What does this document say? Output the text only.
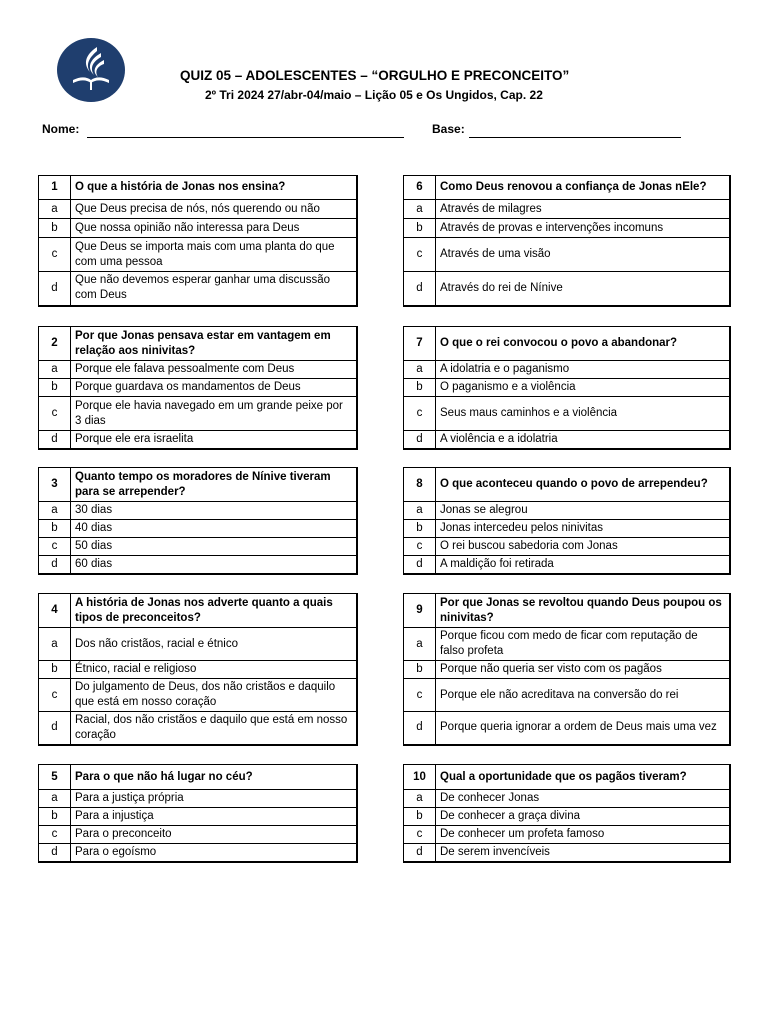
QUIZ 05 – ADOLESCENTES – “ORGULHO E PRECONCEITO”
2º Tri 2024 27/abr-04/maio – Lição 05 e Os Ungidos, Cap. 22
Nome:	Base:
1	O que a história de Jonas nos ensina?
a	Que Deus precisa de nós, nós querendo ou não
b	Que nossa opinião não interessa para Deus
c	Que Deus se importa mais com uma planta do que com uma pessoa
d	Que não devemos esperar ganhar uma discussão com Deus
2	Por que Jonas pensava estar em vantagem em relação aos ninivitas?
a	Porque ele falava pessoalmente com Deus
b	Porque guardava os mandamentos de Deus
c	Porque ele havia navegado em um grande peixe por 3 dias
d	Porque ele era israelita
3	Quanto tempo os moradores de Nínive tiveram para se arrepender?
a	30 dias
b	40 dias
c	50 dias
d	60 dias
4	A história de Jonas nos adverte quanto a quais tipos de preconceitos?
a	Dos não cristãos, racial e étnico
b	Étnico, racial e religioso
c	Do julgamento de Deus, dos não cristãos e daquilo que está em nosso coração
d	Racial, dos não cristãos e daquilo que está em nosso coração
5	Para o que não há lugar no céu?
a	Para a justiça própria
b	Para a injustiça
c	Para o preconceito
d	Para o egoísmo
6	Como Deus renovou a confiança de Jonas nEle?
a	Através de milagres
b	Através de provas e intervenções incomuns
c	Através de uma visão
d	Através do rei de Nínive
7	O que o rei convocou o povo a abandonar?
a	A idolatria e o paganismo
b	O paganismo e a violência
c	Seus maus caminhos e a violência
d	A violência e a idolatria
8	O que aconteceu quando o povo de arrependeu?
a	Jonas se alegrou
b	Jonas intercedeu pelos ninivitas
c	O rei buscou sabedoria com Jonas
d	A maldição foi retirada
9	Por que Jonas se revoltou quando Deus poupou os ninivitas?
a	Porque ficou com medo de ficar com reputação de falso profeta
b	Porque não queria ser visto com os pagãos
c	Porque ele não acreditava na conversão do rei
d	Porque queria ignorar a ordem de Deus mais uma vez
10	Qual a oportunidade que os pagãos tiveram?
a	De conhecer Jonas
b	De conhecer a graça divina
c	De conhecer um profeta famoso
d	De serem invencíveis
